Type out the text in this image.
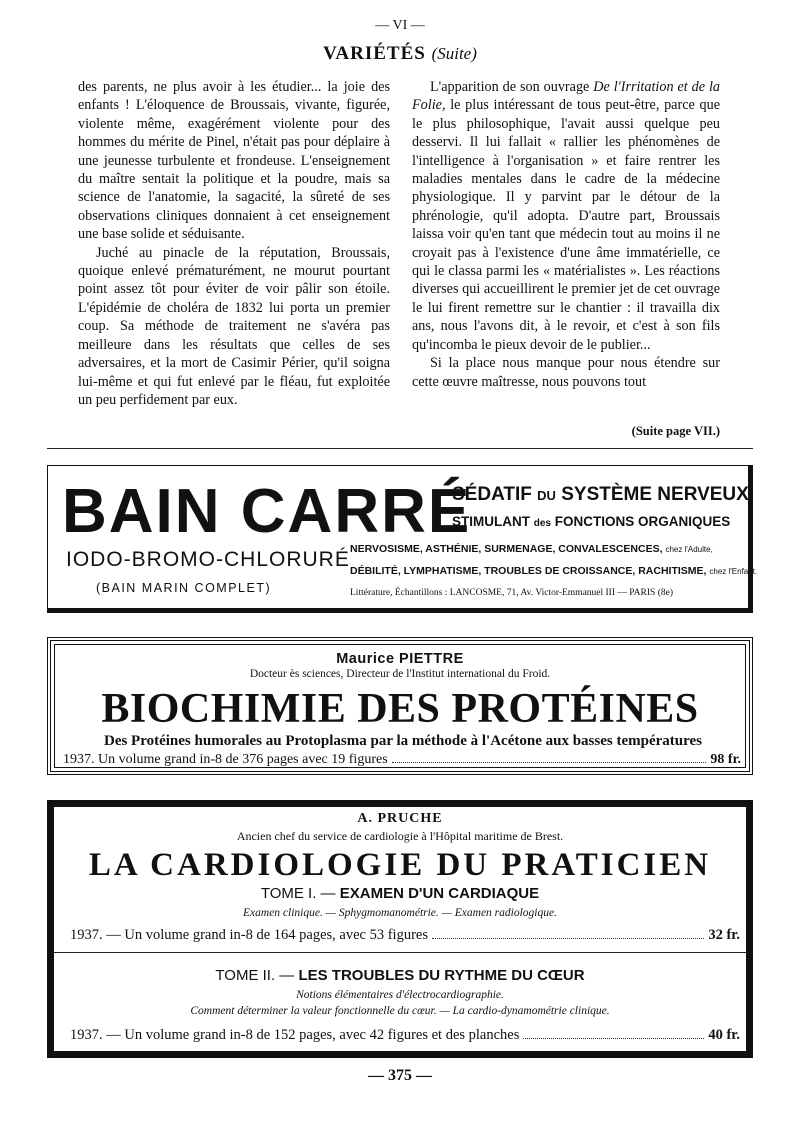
— VI —
VARIÉTÉS (Suite)

des parents, ne plus avoir à les étudier... la joie des enfants ! L'éloquence de Broussais, vivante, figurée, violente même, exagérément violente pour des hommes du mérite de Pinel, n'était pas pour déplaire à une jeunesse turbulente et frondeuse. L'enseignement du maître sentait la politique et la poudre, mais sa science de l'anatomie, la sagacité, la sûreté de ses observations cliniques donnaient à cet enseignement une base solide et séduisante.

Juché au pinacle de la réputation, Broussais, quoique enlevé prématurément, ne mourut pourtant point assez tôt pour éviter de voir pâlir son étoile. L'épidémie de choléra de 1832 lui porta un premier coup. Sa méthode de traitement ne s'avéra pas meilleure dans les résultats que celles de ses adversaires, et la mort de Casimir Périer, qu'il soigna lui-même et qui fut enlevé par le fléau, fut exploitée un peu perfidement par eux.

L'apparition de son ouvrage De l'Irritation et de la Folie, le plus intéressant de tous peut-être, parce que le plus philosophique, l'avait aussi quelque peu desservi. Il lui fallait « rallier les phénomènes de l'intelligence à l'organisation » et faire rentrer les maladies mentales dans le cadre de la médecine physiologique. Il y parvint par le détour de la phrénologie, qu'il adopta. D'autre part, Broussais laissa voir qu'en tant que médecin tout au moins il ne croyait pas à l'existence d'une âme immatérielle, ce qui le classa parmi les « matérialistes ». Les réactions diverses qui accueillirent le premier jet de cet ouvrage le lui firent remettre sur le chantier : il travailla dix ans, nous l'avons dit, à le revoir, et c'est à son fils qu'incomba le pieux devoir de le publier...

Si la place nous manque pour nous étendre sur cette œuvre maîtresse, nous pouvons tout

(Suite page VII.)
BAIN CARRÉ
IODO-BROMO-CHLORURÉ
(BAIN MARIN COMPLET)
SÉDATIF DU SYSTÈME NERVEUX
STIMULANT des FONCTIONS ORGANIQUES
NERVOSISME, ASTHÉNIE, SURMENAGE, CONVALESCENCES, chez l'Adulte,
DÉBILITÉ, LYMPHATISME, TROUBLES DE CROISSANCE, RACHITISME, chez l'Enfant.
Littérature, Échantillons : LANCOSME, 71, Av. Victor-Emmanuel III — PARIS (8e)
Maurice PIETTRE
Docteur ès sciences, Directeur de l'Institut international du Froid.
BIOCHIMIE DES PROTÉINES
Des Protéines humorales au Protoplasma par la méthode à l'Acétone aux basses températures
1937. Un volume grand in-8 de 376 pages avec 19 figures	98 fr.
A. PRUCHE
Ancien chef du service de cardiologie à l'Hôpital maritime de Brest.
LA CARDIOLOGIE DU PRATICIEN
TOME I. — EXAMEN D'UN CARDIAQUE
Examen clinique. — Sphygmomanométrie. — Examen radiologique.
1937. — Un volume grand in-8 de 164 pages, avec 53 figures	32 fr.
TOME II. — LES TROUBLES DU RYTHME DU CŒUR
Notions élémentaires d'électrocardiographie.
Comment déterminer la valeur fonctionnelle du cœur. — La cardio-dynamométrie clinique.
1937. — Un volume grand in-8 de 152 pages, avec 42 figures et des planches	40 fr.
— 375 —
